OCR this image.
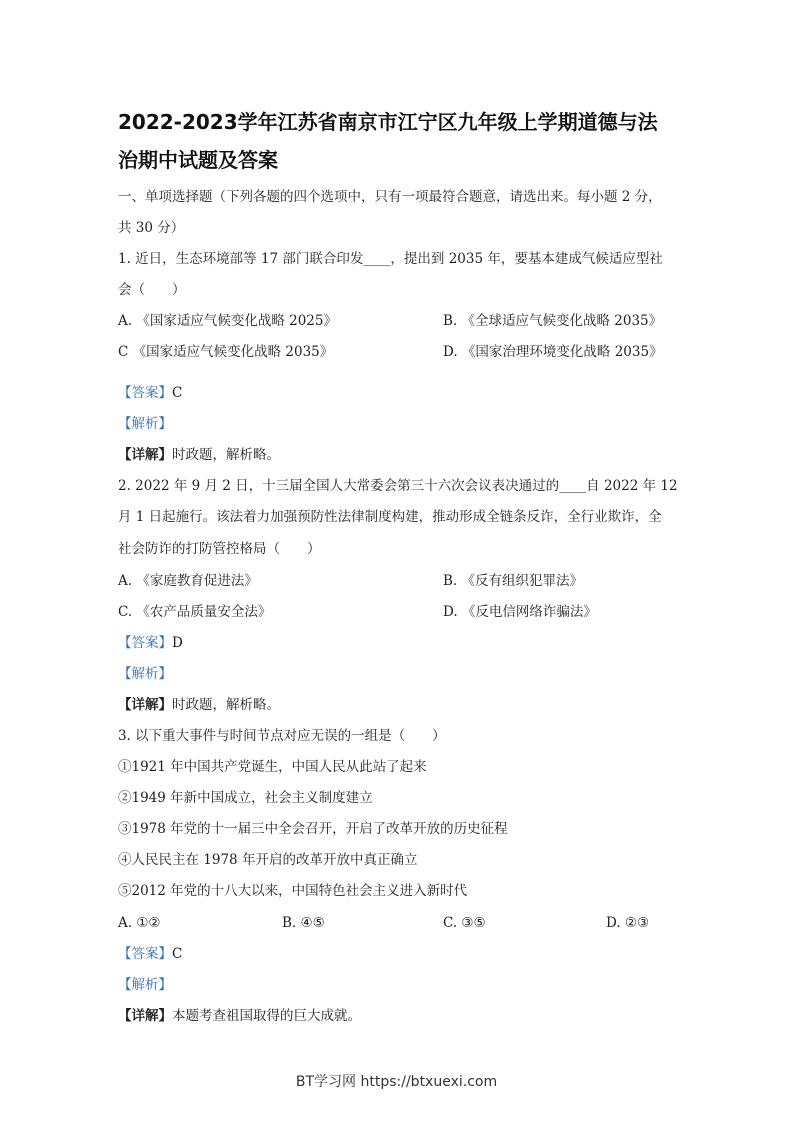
2022-2023学年江苏省南京市江宁区九年级上学期道德与法
治期中试题及答案
一、单项选择题（下列各题的四个选项中，只有一项最符合题意，请选出来。每小题 2 分，
共 30 分）
1. 近日，生态环境部等 17 部门联合印发____，提出到 2035 年，要基本建成气候适应型社
会（　　）
A. 《国家适应气候变化战略 2025》	B. 《全球适应气候变化战略 2035》
C 《国家适应气候变化战略 2035》	D. 《国家治理环境变化战略 2035》
【答案】C
【解析】
【详解】时政题，解析略。
2. 2022 年 9 月 2 日，十三届全国人大常委会第三十六次会议表决通过的____自 2022 年 12
月 1 日起施行。该法着力加强预防性法律制度构建，推动形成全链条反诈，全行业欺诈，全
社会防诈的打防管控格局（　　）
A. 《家庭教育促进法》	B. 《反有组织犯罪法》
C. 《农产品质量安全法》	D. 《反电信网络诈骗法》
【答案】D
【解析】
【详解】时政题，解析略。
3. 以下重大事件与时间节点对应无误的一组是（　　）
①1921 年中国共产党诞生，中国人民从此站了起来
②1949 年新中国成立，社会主义制度建立
③1978 年党的十一届三中全会召开，开启了改革开放的历史征程
④人民民主在 1978 年开启的改革开放中真正确立
⑤2012 年党的十八大以来，中国特色社会主义进入新时代
A. ①②	B. ④⑤	C. ③⑤	D. ②③
【答案】C
【解析】
【详解】本题考查祖国取得的巨大成就。
BT学习网 https://btxuexi.com
